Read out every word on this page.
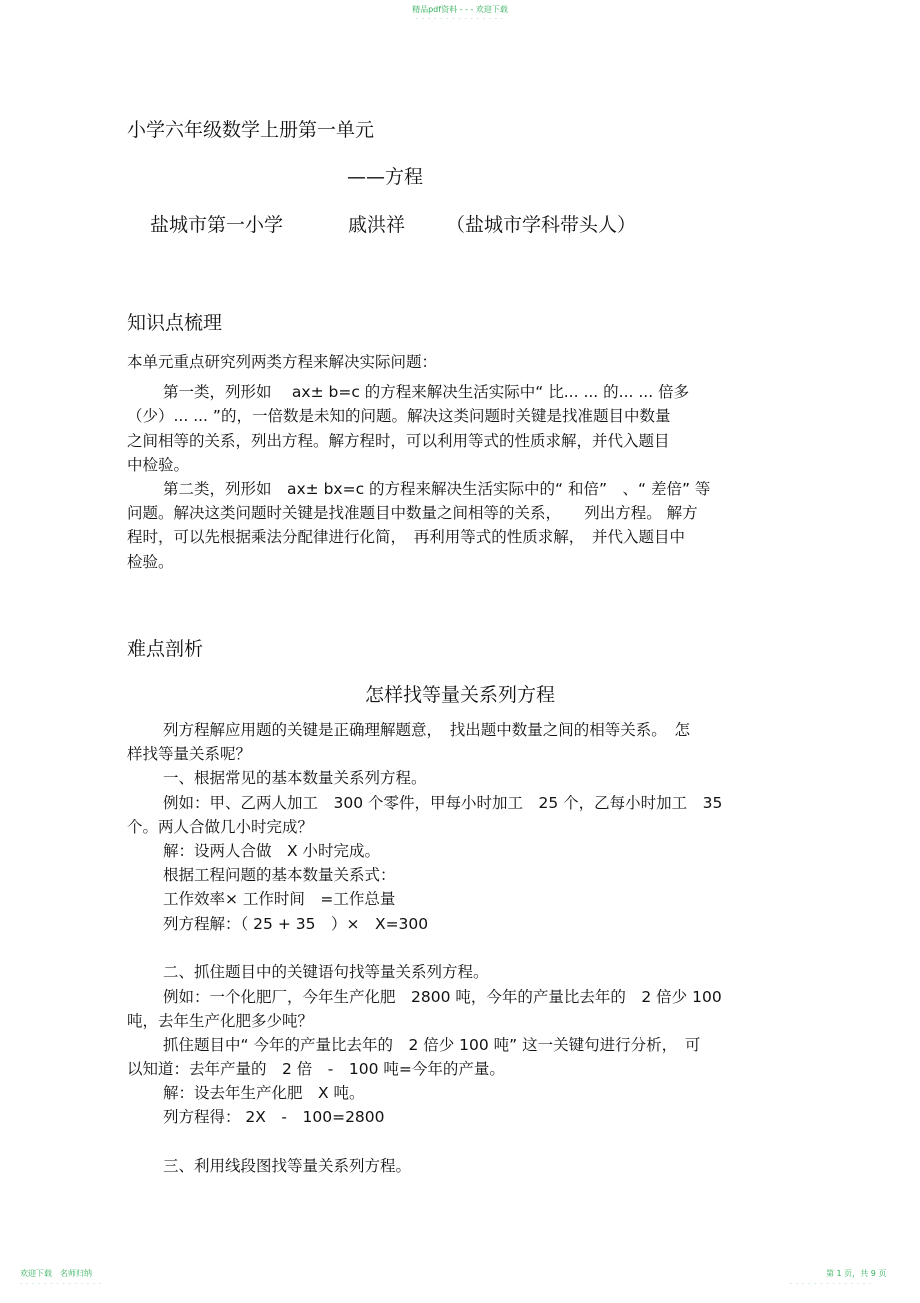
精品pdf资料 - - - 欢迎下载
- - - - - - - - - - - - - - -
小学六年级数学上册第一单元
——方程
盐城市第一小学	戚洪祥 （盐城市学科带头人）
知识点梳理
本单元重点研究列两类方程来解决实际问题：
第一类，列形如　 ax± b=c 的方程来解决生活实际中“ 比... ... 的... ... 倍多
（少）... ... ”的，一倍数是未知的问题。解决这类问题时关键是找准题目中数量
之间相等的关系，列出方程。解方程时，可以利用等式的性质求解，并代入题目
中检验。
第二类，列形如　ax± bx=c 的方程来解决生活实际中的“ 和倍”　、“ 差倍” 等
问题。解决这类问题时关键是找准题目中数量之间相等的关系，　　列出方程。 解方
程时，可以先根据乘法分配律进行化简，　再利用等式的性质求解，　并代入题目中
检验。
难点剖析
怎样找等量关系列方程
列方程解应用题的关键是正确理解题意，　找出题中数量之间的相等关系。　怎
样找等量关系呢？
一、根据常见的基本数量关系列方程。
例如：甲、乙两人加工　300 个零件，甲每小时加工　25 个，乙每小时加工　35
个。两人合做几小时完成？
解：设两人合做　X 小时完成。
根据工程问题的基本数量关系式：
工作效率× 工作时间　=工作总量
列方程解：（ 25 + 35　）×　X=300
二、抓住题目中的关键语句找等量关系列方程。
例如：一个化肥厂，今年生产化肥　2800 吨，今年的产量比去年的　2 倍少 100
吨，去年生产化肥多少吨？
抓住题目中“ 今年的产量比去年的　2 倍少 100 吨” 这一关键句进行分析，　可
以知道：去年产量的　2 倍　-　100 吨=今年的产量。
解：设去年生产化肥　X 吨。
列方程得： 2X　-　100=2800
三、利用线段图找等量关系列方程。
欢迎下载　名师归纳
- - - - - - - - - - - - - -
第 1 页，共 9 页
- - - - - - - - - - - - - -
